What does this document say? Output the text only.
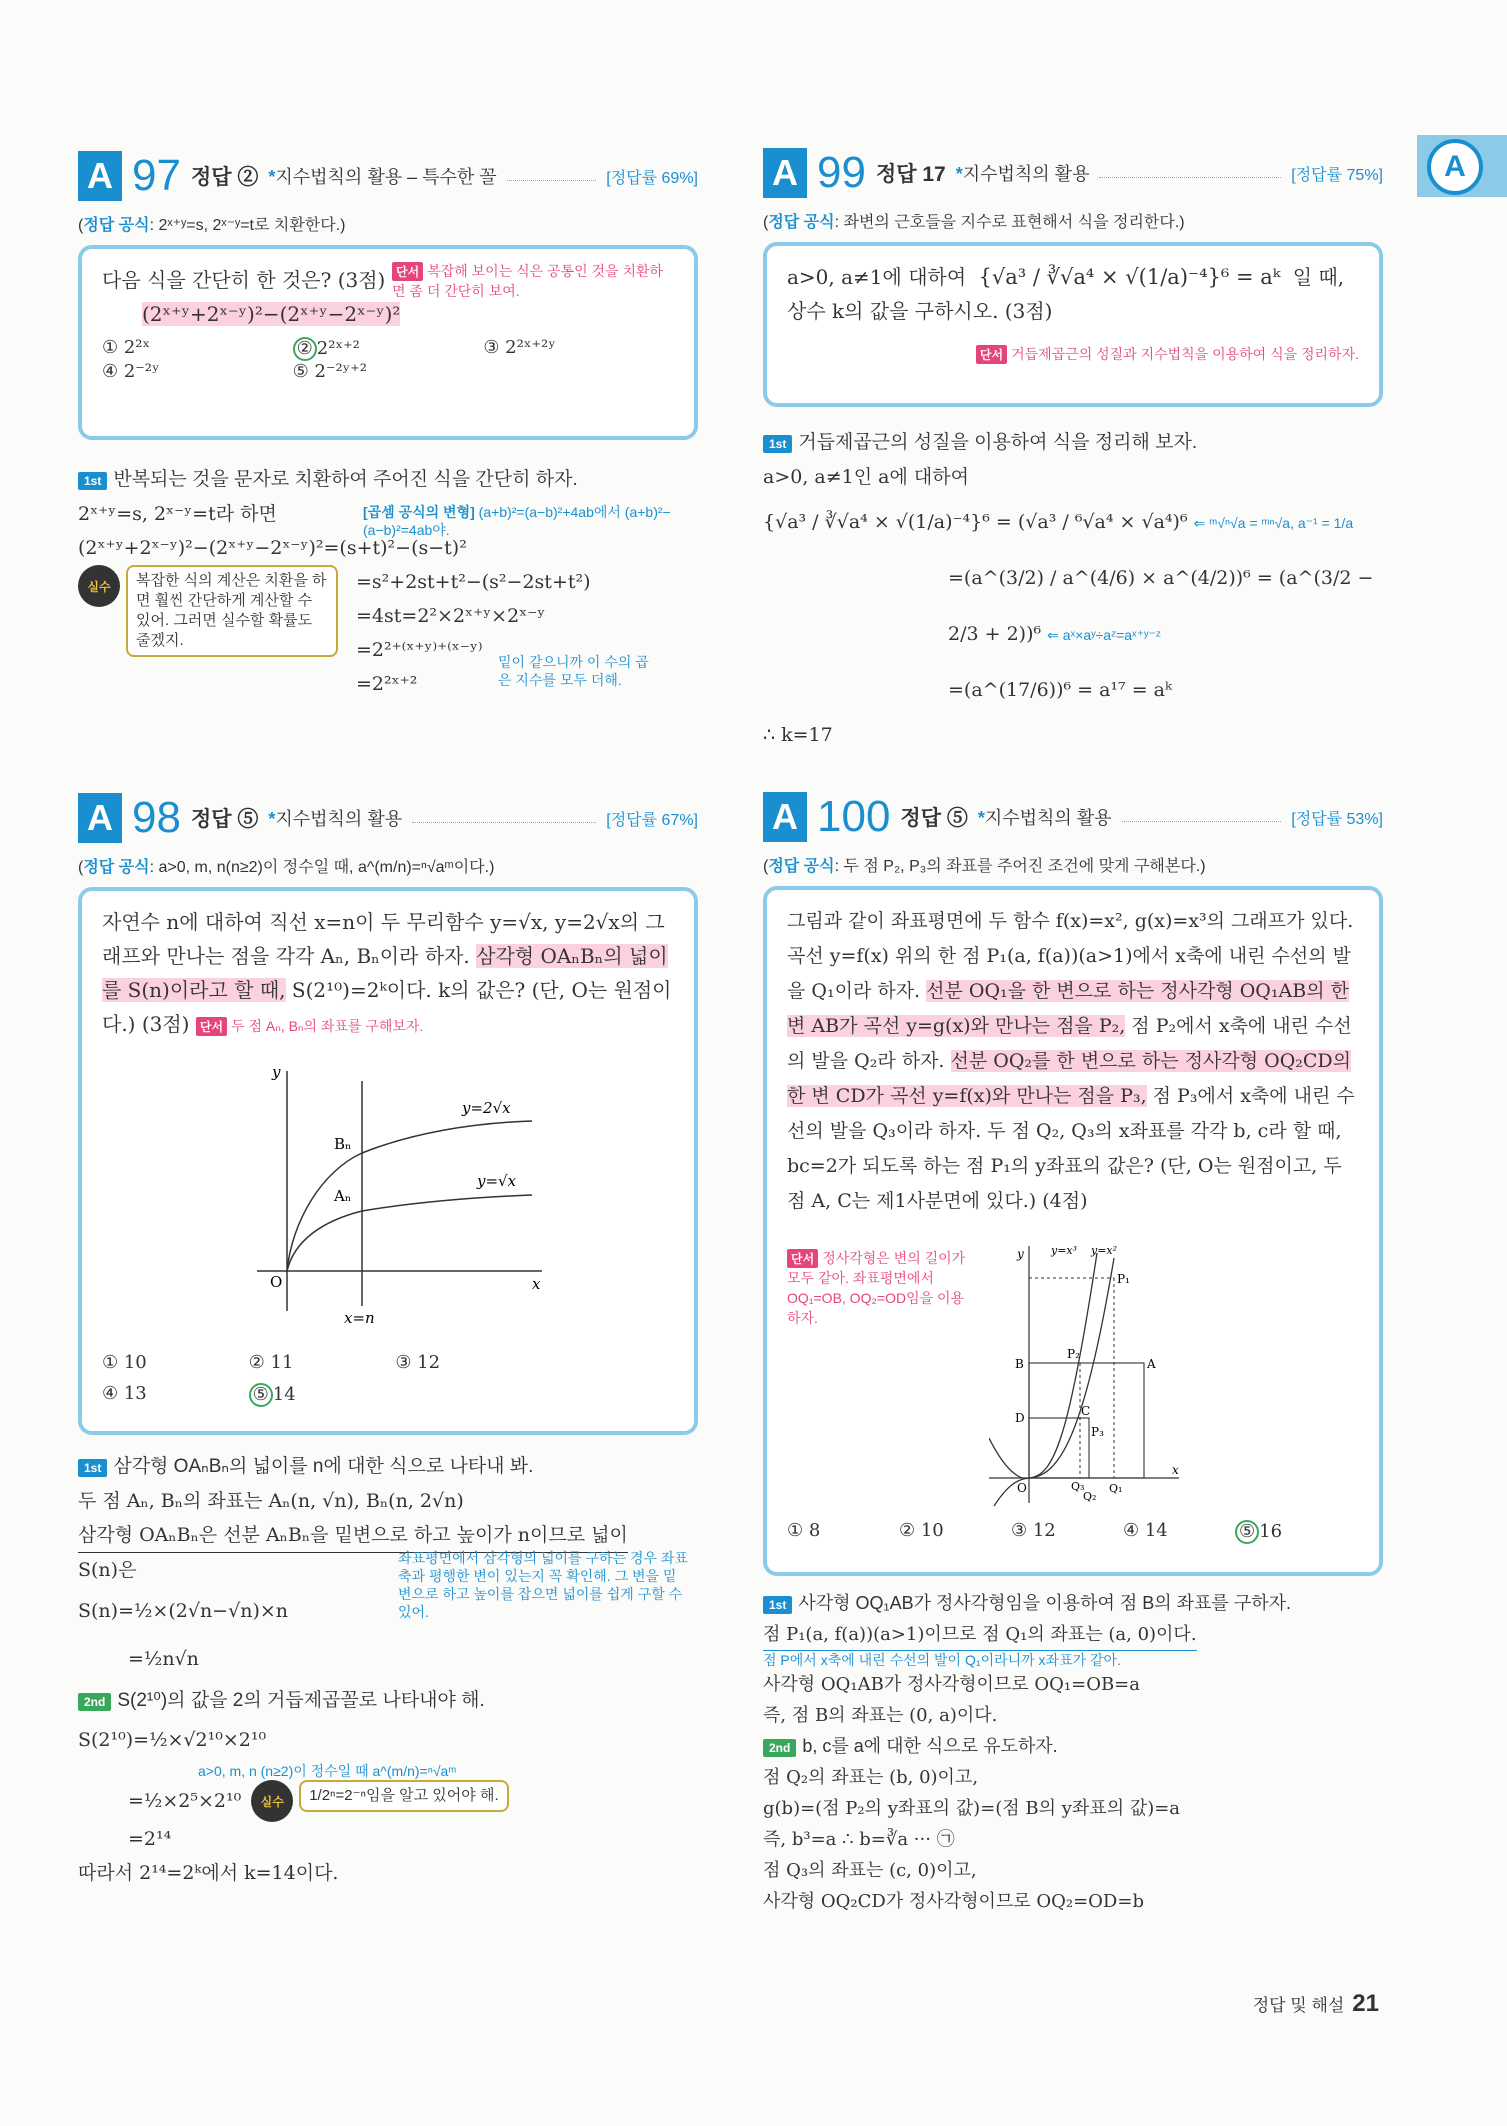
A
A 97 정답 ② *지수법칙의 활용 – 특수한 꼴	[정답률 69%]
(정답 공식: 2ˣ⁺ʸ=s, 2ˣ⁻ʸ=t로 치환한다.)
다음 식을 간단히 한 것은? (3점)
(2ˣ⁺ʸ+2ˣ⁻ʸ)²−(2ˣ⁺ʸ−2ˣ⁻ʸ)²
단서 복잡해 보이는 식은 공통인 것을 치환하면 좀 더 간단히 보여.
① 2²ˣ	② 2²ˣ⁺²	③ 2²ˣ⁺²ʸ
④ 2⁻²ʸ	⑤ 2⁻²ʸ⁺²
1st 반복되는 것을 문자로 치환하여 주어진 식을 간단히 하자.
2ˣ⁺ʸ=s, 2ˣ⁻ʸ=t라 하면
(2ˣ⁺ʸ+2ˣ⁻ʸ)²−(2ˣ⁺ʸ−2ˣ⁻ʸ)²=(s+t)²−(s−t)²
실수	복잡한 식의 계산은 치환을 하면 훨씬 간단하게 계산할 수 있어. 그러면 실수할 확률도 줄겠지.
=s²+2st+t²−(s²−2st+t²)
=4st=2²×2ˣ⁺ʸ×2ˣ⁻ʸ
=2²⁺⁽ˣ⁺ʸ⁾⁺⁽ˣ⁻ʸ⁾
=2²ˣ⁺²
[곱셈 공식의 변형] (a+b)²=(a−b)²+4ab에서 (a+b)²−(a−b)²=4ab야.
밑이 같으니까 이 수의 곱은 지수를 모두 더해.
A 99 정답 17 *지수법칙의 활용	[정답률 75%]
(정답 공식: 좌변의 근호들을 지수로 표현해서 식을 정리한다.)
a>0, a≠1에 대하여 {√a³ / ∛√a⁴ × √(1/a)⁻⁴}⁶ = aᵏ 일 때, 상수 k의 값을 구하시오. (3점)
단서 거듭제곱근의 성질과 지수법칙을 이용하여 식을 정리하자.
1st 거듭제곱근의 성질을 이용하여 식을 정리해 보자.
a>0, a≠1인 a에 대하여
{√a³ / ∛√a⁴ × √(1/a)⁻⁴}⁶ = (√a³ / ⁶√a⁴ × √a⁴)⁶ ⇐ ᵐ√ⁿ√a = ᵐⁿ√a, a⁻¹ = 1/a
=(a^(3/2) / a^(4/6) × a^(4/2))⁶ = (a^(3/2 − 2/3 + 2))⁶ ⇐ aˣ×aʸ÷aᶻ=aˣ⁺ʸ⁻ᶻ
=(a^(17/6))⁶ = a¹⁷ = aᵏ
∴ k=17
A 98 정답 ⑤ *지수법칙의 활용	[정답률 67%]
(정답 공식: a>0, m, n(n≥2)이 정수일 때, a^(m/n)=ⁿ√aᵐ이다.)
자연수 n에 대하여 직선 x=n이 두 무리함수 y=√x, y=2√x의 그래프와 만나는 점을 각각 Aₙ, Bₙ이라 하자. 삼각형 OAₙBₙ의 넓이를 S(n)이라고 할 때, S(2¹⁰)=2ᵏ이다. k의 값은? (단, O는 원점이다.) (3점) 단서 두 점 Aₙ, Bₙ의 좌표를 구해보자.
y
x
O
y=2√x
y=√x
Bₙ
Aₙ
x=n
① 10	② 11	③ 12
④ 13	⑤ 14
1st 삼각형 OAₙBₙ의 넓이를 n에 대한 식으로 나타내 봐.
두 점 Aₙ, Bₙ의 좌표는 Aₙ(n, √n), Bₙ(n, 2√n)
삼각형 OAₙBₙ은 선분 AₙBₙ을 밑변으로 하고 높이가 n이므로 넓이
S(n)은
S(n)=½×(2√n−√n)×n
=½n√n
좌표평면에서 삼각형의 넓이를 구하는 경우 좌표축과 평행한 변이 있는지 꼭 확인해. 그 변을 밑변으로 하고 높이를 잡으면 넓이를 쉽게 구할 수 있어.
2nd S(2¹⁰)의 값을 2의 거듭제곱꼴로 나타내야 해.
S(2¹⁰)=½×√2¹⁰×2¹⁰
a>0, m, n (n≥2)이 정수일 때 a^(m/n)=ⁿ√aᵐ
=½×2⁵×2¹⁰	실수	1/2ⁿ=2⁻ⁿ임을 알고 있어야 해.
=2¹⁴
따라서 2¹⁴=2ᵏ에서 k=14이다.
A 100 정답 ⑤ *지수법칙의 활용	[정답률 53%]
(정답 공식: 두 점 P₂, P₃의 좌표를 주어진 조건에 맞게 구해본다.)
그림과 같이 좌표평면에 두 함수 f(x)=x², g(x)=x³의 그래프가 있다. 곡선 y=f(x) 위의 한 점 P₁(a, f(a))(a>1)에서 x축에 내린 수선의 발을 Q₁이라 하자. 선분 OQ₁을 한 변으로 하는 정사각형 OQ₁AB의 한 변 AB가 곡선 y=g(x)와 만나는 점을 P₂, 점 P₂에서 x축에 내린 수선의 발을 Q₂라 하자. 선분 OQ₂를 한 변으로 하는 정사각형 OQ₂CD의 한 변 CD가 곡선 y=f(x)와 만나는 점을 P₃, 점 P₃에서 x축에 내린 수선의 발을 Q₃이라 하자. 두 점 Q₂, Q₃의 x좌표를 각각 b, c라 할 때, bc=2가 되도록 하는 점 P₁의 y좌표의 값은? (단, O는 원점이고, 두 점 A, C는 제1사분면에 있다.) (4점)
단서 정사각형은 변의 길이가 모두 같아. 좌표평면에서 OQ₁=OB, OQ₂=OD임을 이용하자.
y
x
O
y=x³ y=x²
P₁
P₂
P₃
A
B
C
D
Q₁
Q₂
Q₃
① 8	② 10	③ 12	④ 14	⑤ 16
1st 사각형 OQ₁AB가 정사각형임을 이용하여 점 B의 좌표를 구하자.
점 P₁(a, f(a))(a>1)이므로 점 Q₁의 좌표는 (a, 0)이다.
점 P에서 x축에 내린 수선의 발이 Q₁이라니까 x좌표가 같아.
사각형 OQ₁AB가 정사각형이므로 OQ₁=OB=a
즉, 점 B의 좌표는 (0, a)이다.
2nd b, c를 a에 대한 식으로 유도하자.
점 Q₂의 좌표는 (b, 0)이고,
g(b)=(점 P₂의 y좌표의 값)=(점 B의 y좌표의 값)=a
즉, b³=a ∴ b=∛a ··· ㉠
점 Q₃의 좌표는 (c, 0)이고,
사각형 OQ₂CD가 정사각형이므로 OQ₂=OD=b
정답 및 해설 21
